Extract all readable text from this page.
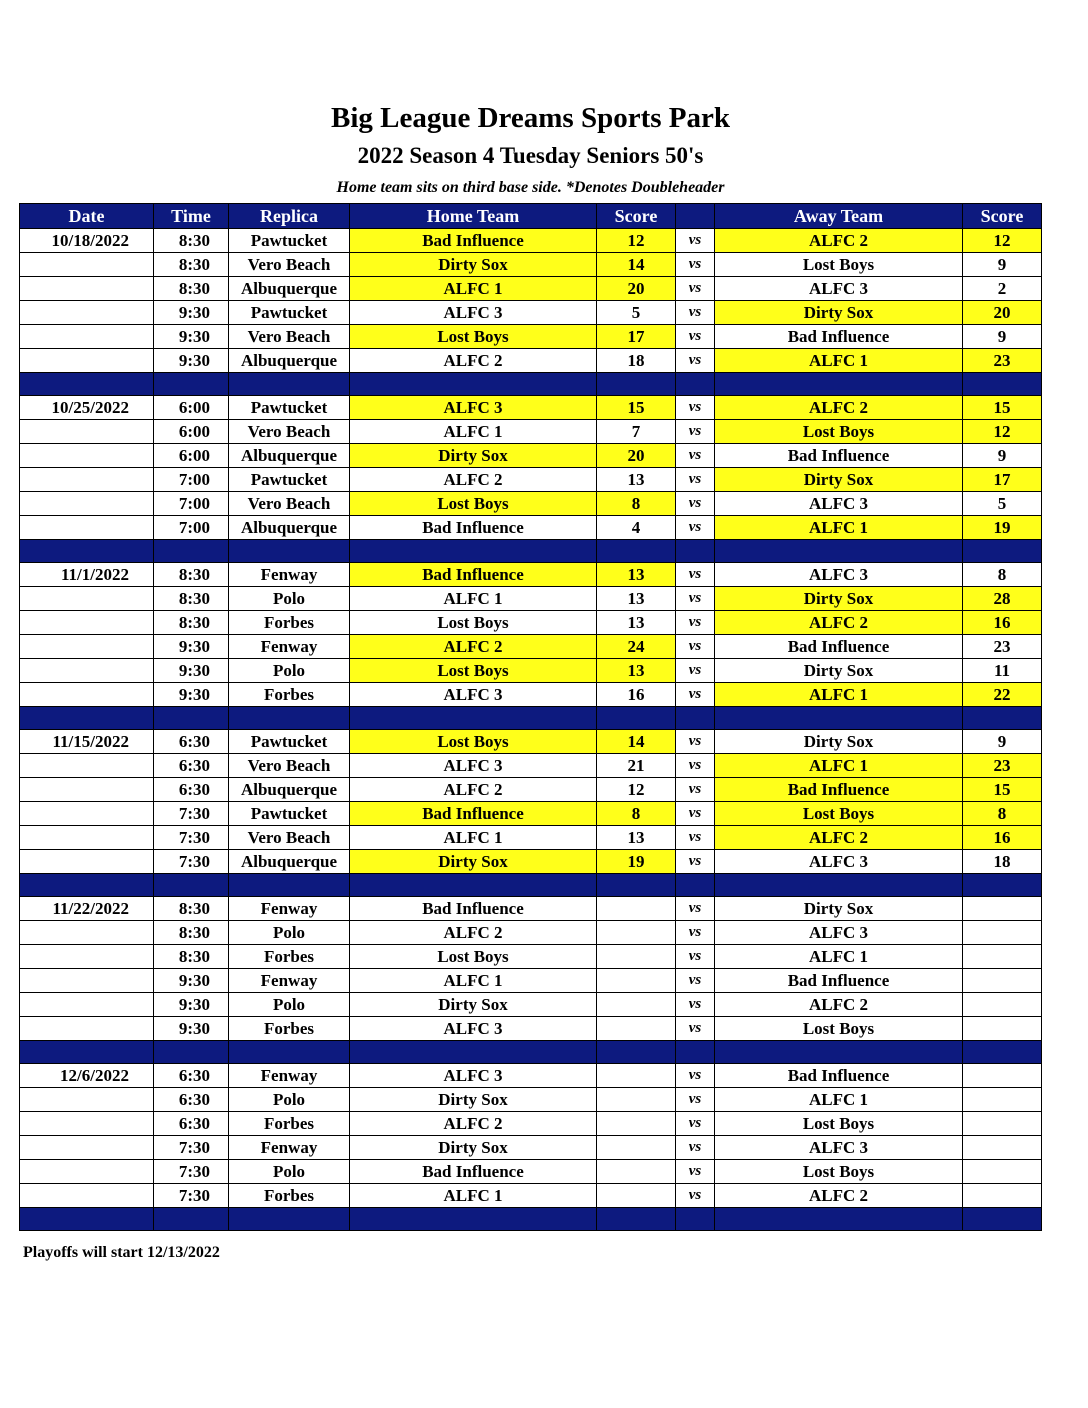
Big League Dreams Sports Park
2022 Season 4 Tuesday Seniors 50's

Home team sits on third base side. *Denotes Doubleheader

Date	Time	Replica	Home Team	Score		Away Team	Score
10/18/2022	8:30	Pawtucket	Bad Influence	12	vs	ALFC 2	12
	8:30	Vero Beach	Dirty Sox	14	vs	Lost Boys	9
	8:30	Albuquerque	ALFC 1	20	vs	ALFC 3	2
	9:30	Pawtucket	ALFC 3	5	vs	Dirty Sox	20
	9:30	Vero Beach	Lost Boys	17	vs	Bad Influence	9
	9:30	Albuquerque	ALFC 2	18	vs	ALFC 1	23

10/25/2022	6:00	Pawtucket	ALFC 3	15	vs	ALFC 2	15
	6:00	Vero Beach	ALFC 1	7	vs	Lost Boys	12
	6:00	Albuquerque	Dirty Sox	20	vs	Bad Influence	9
	7:00	Pawtucket	ALFC 2	13	vs	Dirty Sox	17
	7:00	Vero Beach	Lost Boys	8	vs	ALFC 3	5
	7:00	Albuquerque	Bad Influence	4	vs	ALFC 1	19

11/1/2022	8:30	Fenway	Bad Influence	13	vs	ALFC 3	8
	8:30	Polo	ALFC 1	13	vs	Dirty Sox	28
	8:30	Forbes	Lost Boys	13	vs	ALFC 2	16
	9:30	Fenway	ALFC 2	24	vs	Bad Influence	23
	9:30	Polo	Lost Boys	13	vs	Dirty Sox	11
	9:30	Forbes	ALFC 3	16	vs	ALFC 1	22

11/15/2022	6:30	Pawtucket	Lost Boys	14	vs	Dirty Sox	9
	6:30	Vero Beach	ALFC 3	21	vs	ALFC 1	23
	6:30	Albuquerque	ALFC 2	12	vs	Bad Influence	15
	7:30	Pawtucket	Bad Influence	8	vs	Lost Boys	8
	7:30	Vero Beach	ALFC 1	13	vs	ALFC 2	16
	7:30	Albuquerque	Dirty Sox	19	vs	ALFC 3	18

11/22/2022	8:30	Fenway	Bad Influence		vs	Dirty Sox	
	8:30	Polo	ALFC 2		vs	ALFC 3	
	8:30	Forbes	Lost Boys		vs	ALFC 1	
	9:30	Fenway	ALFC 1		vs	Bad Influence	
	9:30	Polo	Dirty Sox		vs	ALFC 2	
	9:30	Forbes	ALFC 3		vs	Lost Boys	

12/6/2022	6:30	Fenway	ALFC 3		vs	Bad Influence	
	6:30	Polo	Dirty Sox		vs	ALFC 1	
	6:30	Forbes	ALFC 2		vs	Lost Boys	
	7:30	Fenway	Dirty Sox		vs	ALFC 3	
	7:30	Polo	Bad Influence		vs	Lost Boys	
	7:30	Forbes	ALFC 1		vs	ALFC 2	

Playoffs will start 12/13/2022
